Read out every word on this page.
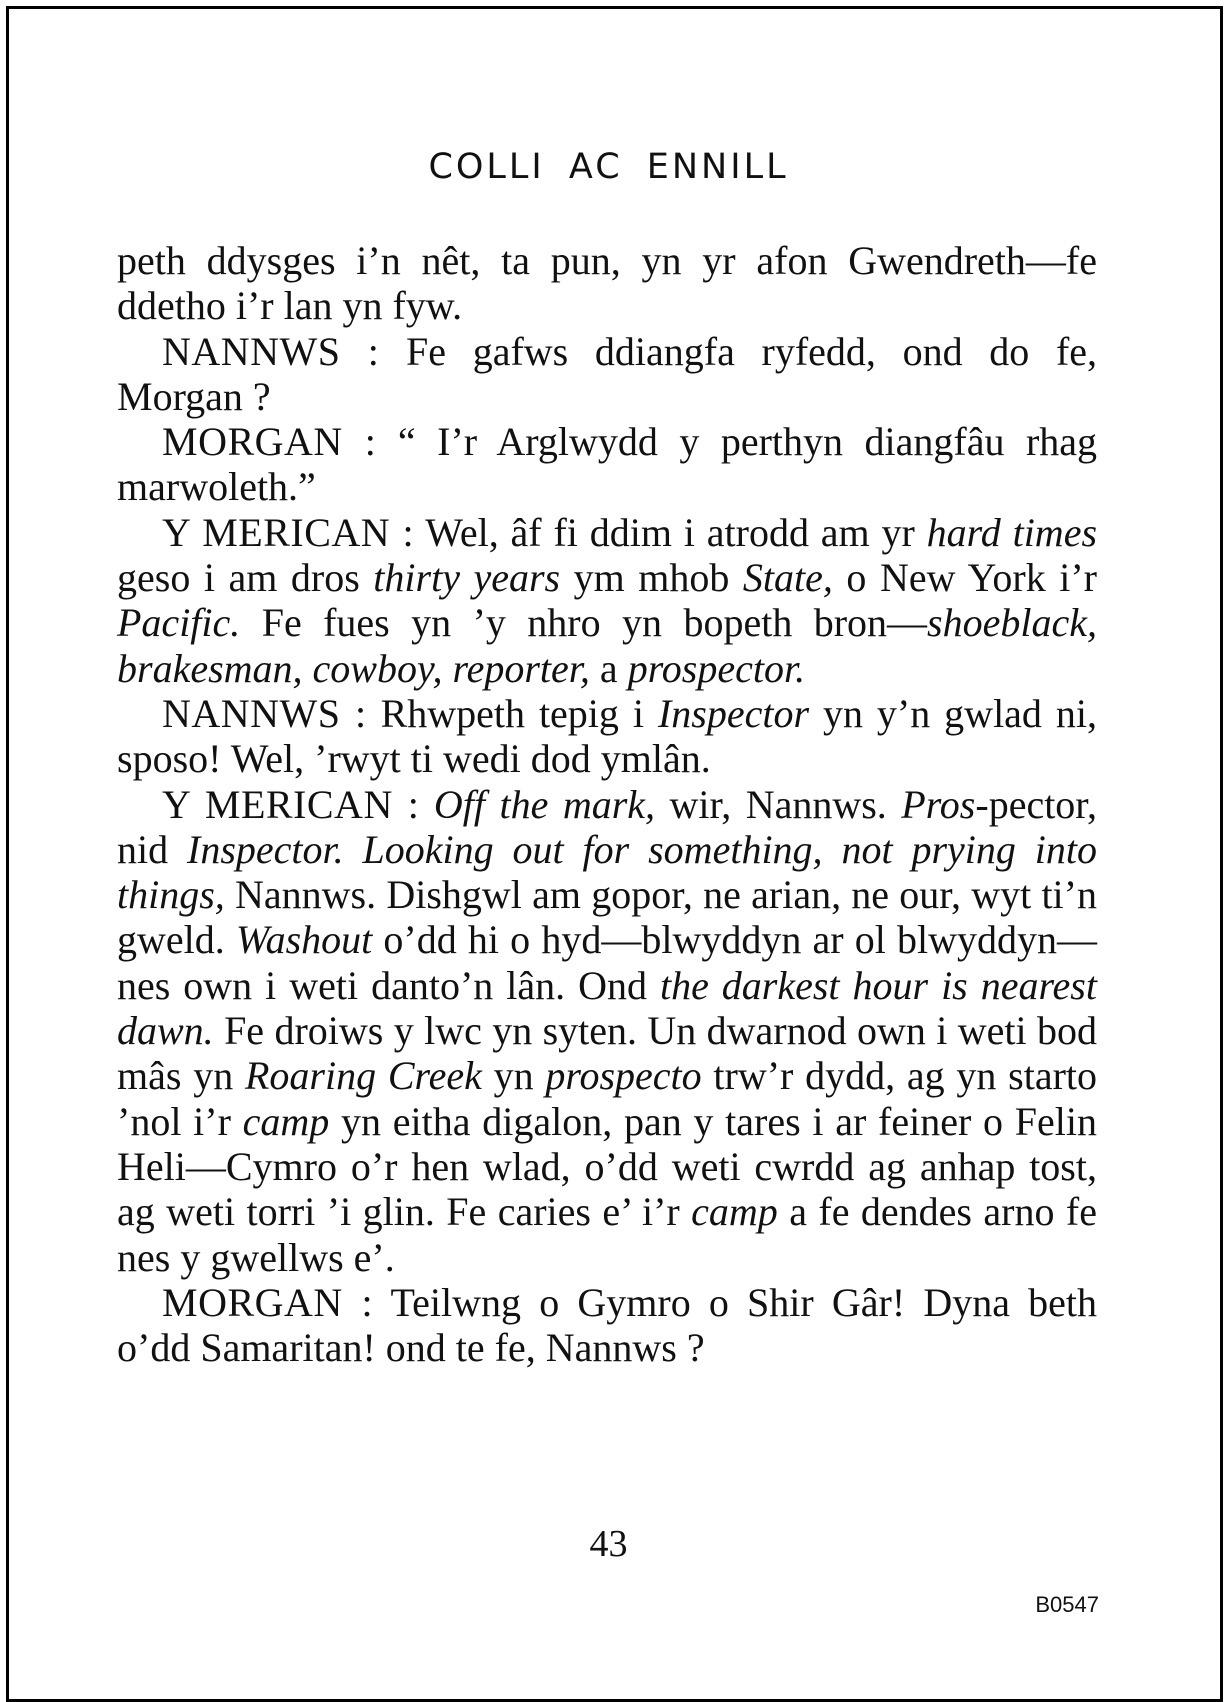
COLLI AC ENNILL

peth ddysges i’n nêt, ta pun, yn yr afon Gwendreth—fe ddetho i’r lan yn fyw.

NANNWS : Fe gafws ddiangfa ryfedd, ond do fe, Morgan ?

MORGAN : “ I’r Arglwydd y perthyn diangfâu rhag marwoleth.”

Y MERICAN : Wel, âf fi ddim i atrodd am yr hard times geso i am dros thirty years ym mhob State, o New York i’r Pacific. Fe fues yn ’y nhro yn bopeth bron—shoeblack, brakesman, cowboy, reporter, a prospector.

NANNWS : Rhwpeth tepig i Inspector yn y’n gwlad ni, sposo! Wel, ’rwyt ti wedi dod ymlân.

Y MERICAN : Off the mark, wir, Nannws. Pros-pector, nid Inspector. Looking out for something, not prying into things, Nannws. Dishgwl am gopor, ne arian, ne our, wyt ti’n gweld. Washout o’dd hi o hyd—blwyddyn ar ol blwyddyn—nes own i weti danto’n lân. Ond the darkest hour is nearest dawn. Fe droiws y lwc yn syten. Un dwarnod own i weti bod mâs yn Roaring Creek yn prospecto trw’r dydd, ag yn starto ’nol i’r camp yn eitha digalon, pan y tares i ar feiner o Felin Heli—Cymro o’r hen wlad, o’dd weti cwrdd ag anhap tost, ag weti torri ’i glin. Fe caries e’ i’r camp a fe dendes arno fe nes y gwellws e’.

MORGAN : Teilwng o Gymro o Shir Gâr! Dyna beth o’dd Samaritan! ond te fe, Nannws ?

43
B0547
